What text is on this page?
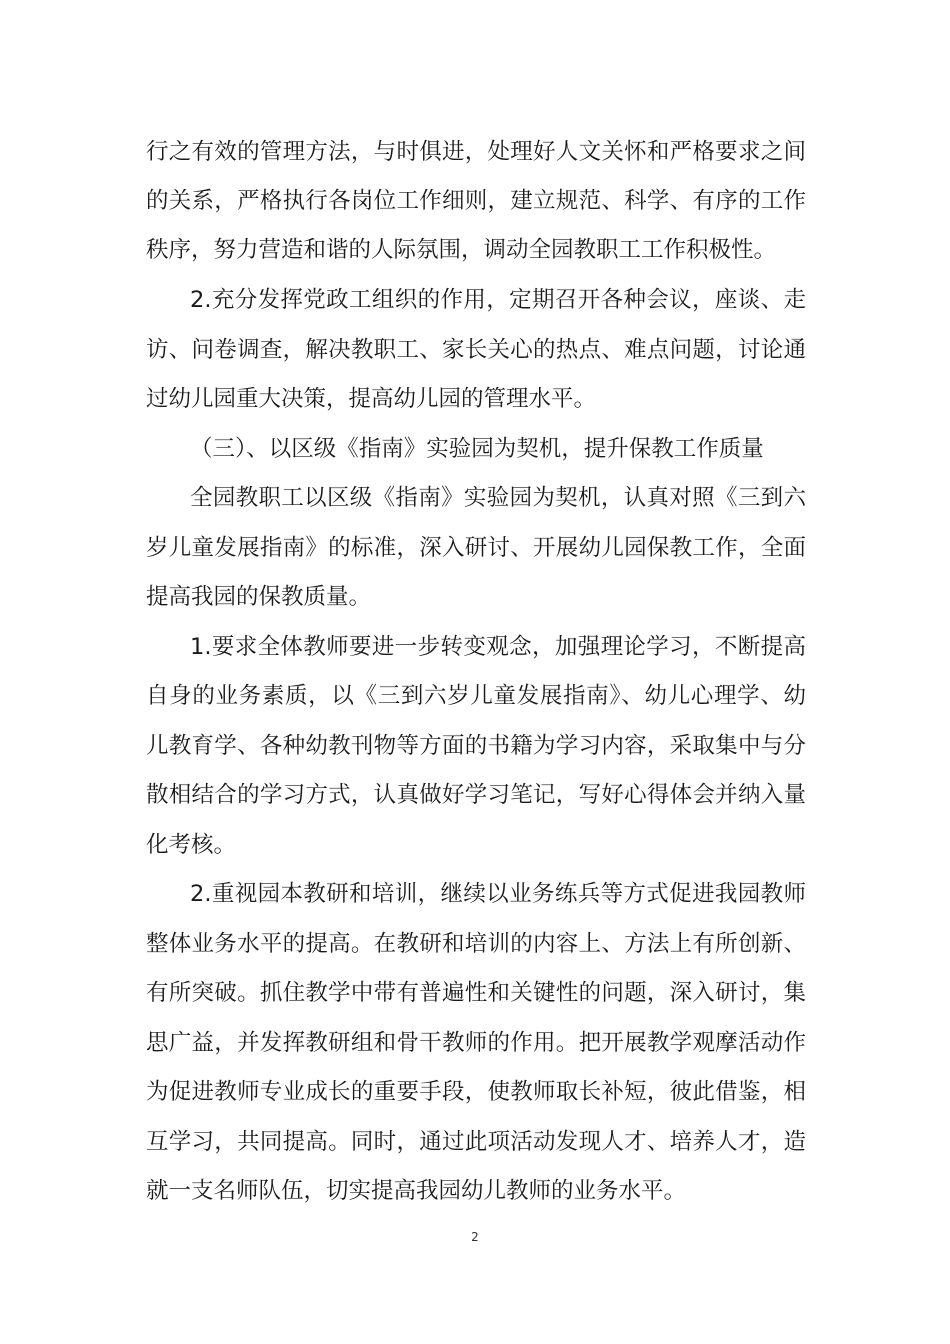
行之有效的管理方法，与时俱进，处理好人文关怀和严格要求之间
的关系，严格执行各岗位工作细则，建立规范、科学、有序的工作
秩序，努力营造和谐的人际氛围，调动全园教职工工作积极性。
2.充分发挥党政工组织的作用，定期召开各种会议，座谈、走
访、问卷调查，解决教职工、家长关心的热点、难点问题，讨论通
过幼儿园重大决策，提高幼儿园的管理水平。
（三）、以区级《指南》实验园为契机，提升保教工作质量
全园教职工以区级《指南》实验园为契机，认真对照《三到六
岁儿童发展指南》的标准，深入研讨、开展幼儿园保教工作，全面
提高我园的保教质量。
1.要求全体教师要进一步转变观念，加强理论学习，不断提高
自身的业务素质，以《三到六岁儿童发展指南》、幼儿心理学、幼
儿教育学、各种幼教刊物等方面的书籍为学习内容，采取集中与分
散相结合的学习方式，认真做好学习笔记，写好心得体会并纳入量
化考核。
2.重视园本教研和培训，继续以业务练兵等方式促进我园教师
整体业务水平的提高。在教研和培训的内容上、方法上有所创新、
有所突破。抓住教学中带有普遍性和关键性的问题，深入研讨，集
思广益，并发挥教研组和骨干教师的作用。把开展教学观摩活动作
为促进教师专业成长的重要手段，使教师取长补短，彼此借鉴，相
互学习，共同提高。同时，通过此项活动发现人才、培养人才，造
就一支名师队伍，切实提高我园幼儿教师的业务水平。
2
